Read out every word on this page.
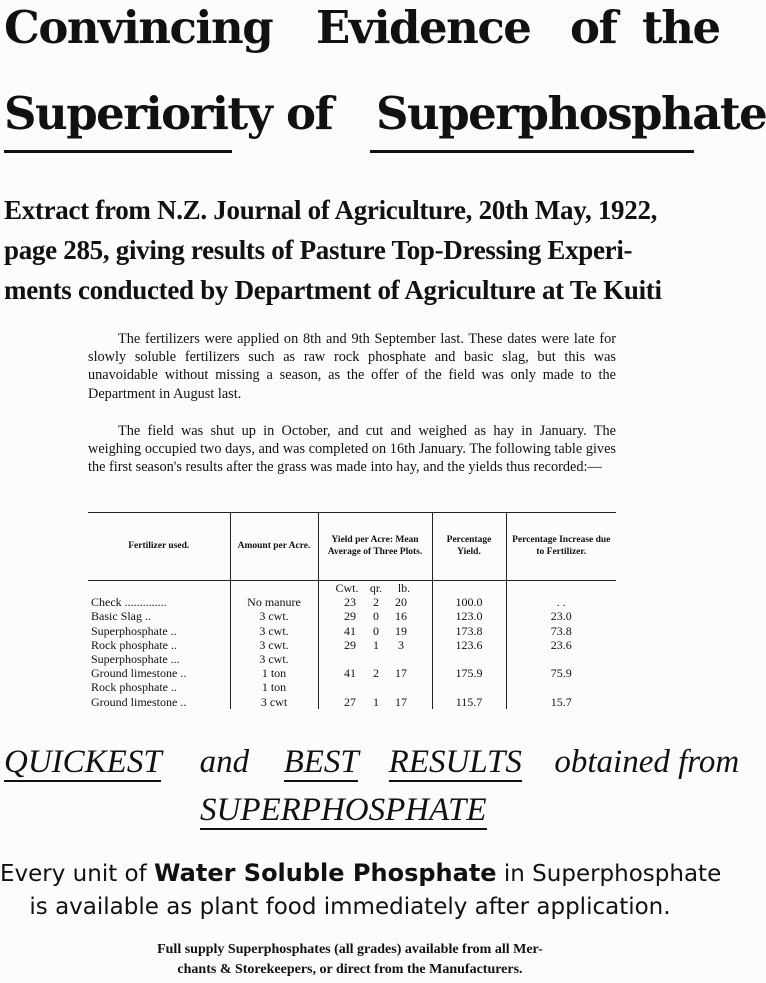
Convincing Evidence of the
Superiority of Superphosphate
Extract from N.Z. Journal of Agriculture, 20th May, 1922,
page 285, giving results of Pasture Top-Dressing Experi-
ments conducted by Department of Agriculture at Te Kuiti
The fertilizers were applied on 8th and 9th September last. These dates were late for slowly soluble fertilizers such as raw rock phosphate and basic slag, but this was unavoidable without missing a season, as the offer of the field was only made to the Department in August last.
The field was shut up in October, and cut and weighed as hay in January. The weighing occupied two days, and was completed on 16th January. The following table gives the first season's results after the grass was made into hay, and the yields thus recorded:—
Fertilizer used.	Amount per Acre.	Yield per Acre: Mean Average of Three Plots.	Percentage Yield.	Percentage Increase due to Fertilizer.
		Cwt. qr. lb.		
Check ..............	No manure	23 2 20	100.0	. .
Basic Slag ..	3 cwt.	29 0 16	123.0	23.0
Superphosphate ..	3 cwt.	41 0 19	173.8	73.8
Rock phosphate ..	3 cwt.	29 1 3	123.6	23.6
Superphosphate ...	3 cwt.			
Ground limestone ..	1 ton	41 2 17	175.9	75.9
Rock phosphate ..	1 ton			
Ground limestone ..	3 cwt	27 1 17	115.7	15.7
QUICKEST and BEST RESULTS obtained from
SUPERPHOSPHATE
Every unit of Water Soluble Phosphate in Superphosphate
is available as plant food immediately after application.
Full supply Superphosphates (all grades) available from all Mer-
chants & Storekeepers, or direct from the Manufacturers.
